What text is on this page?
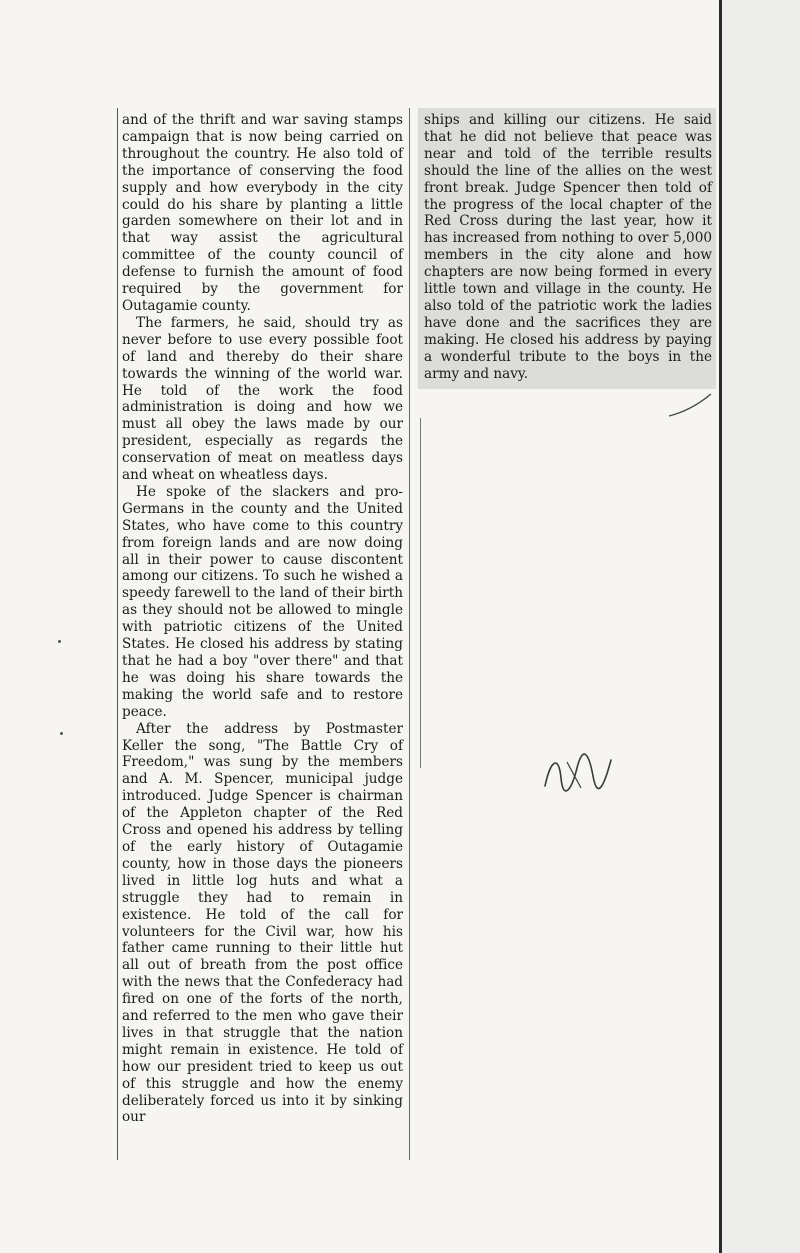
and of the thrift and war saving stamps campaign that is now being carried on throughout the country. He also told of the importance of conserving the food supply and how everybody in the city could do his share by planting a little garden somewhere on their lot and in that way assist the agricultural committee of the county council of defense to furnish the amount of food required by the government for Outagamie county.

The farmers, he said, should try as never before to use every possible foot of land and thereby do their share towards the winning of the world war. He told of the work the food administration is doing and how we must all obey the laws made by our president, especially as regards the conservation of meat on meatless days and wheat on wheatless days.

He spoke of the slackers and pro-Germans in the county and the United States, who have come to this country from foreign lands and are now doing all in their power to cause discontent among our citizens. To such he wished a speedy farewell to the land of their birth as they should not be allowed to mingle with patriotic citizens of the United States. He closed his address by stating that he had a boy "over there" and that he was doing his share towards the making the world safe and to restore peace.

After the address by Postmaster Keller the song, "The Battle Cry of Freedom," was sung by the members and A. M. Spencer, municipal judge introduced. Judge Spencer is chairman of the Appleton chapter of the Red Cross and opened his address by telling of the early history of Outagamie county, how in those days the pioneers lived in little log huts and what a struggle they had to remain in existence. He told of the call for volunteers for the Civil war, how his father came running to their little hut all out of breath from the post office with the news that the Confederacy had fired on one of the forts of the north, and referred to the men who gave their lives in that struggle that the nation might remain in existence. He told of how our president tried to keep us out of this struggle and how the enemy deliberately forced us into it by sinking our

ships and killing our citizens. He said that he did not believe that peace was near and told of the terrible results should the line of the allies on the west front break. Judge Spencer then told of the progress of the local chapter of the Red Cross during the last year, how it has increased from nothing to over 5,000 members in the city alone and how chapters are now being formed in every little town and village in the county. He also told of the patriotic work the ladies have done and the sacrifices they are making. He closed his address by paying a wonderful tribute to the boys in the army and navy.
